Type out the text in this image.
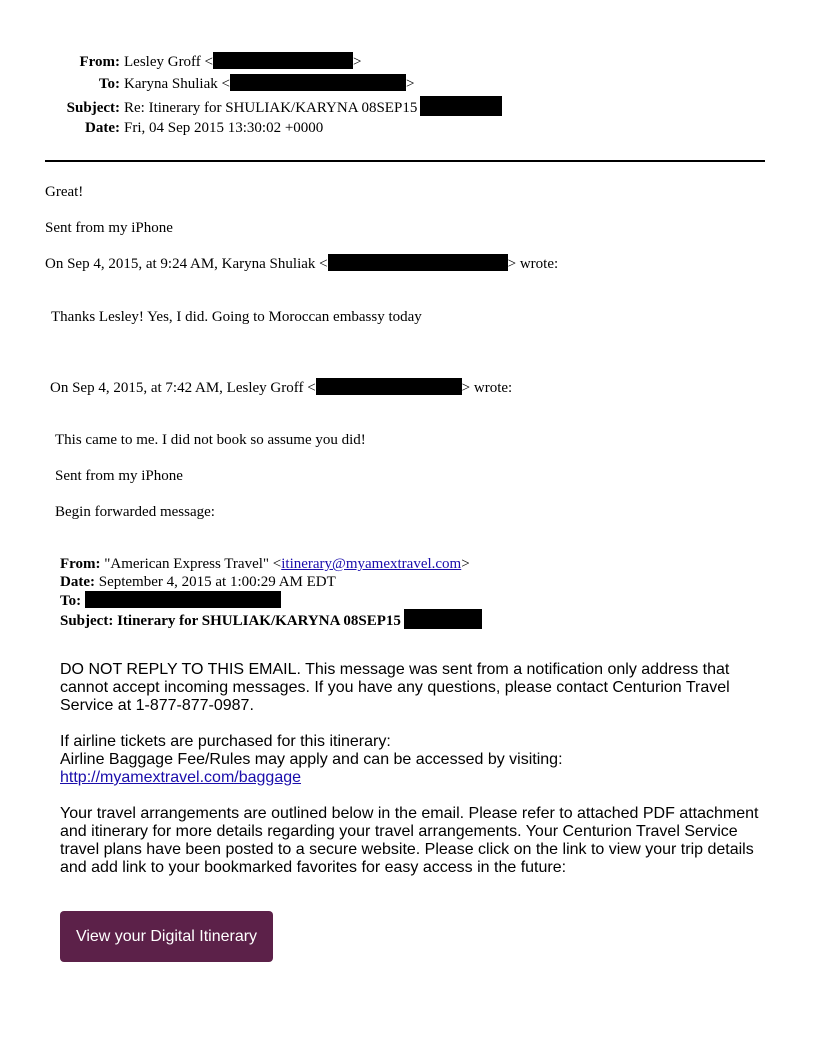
From: Lesley Groff <	>
To: Karyna Shuliak <	>
Subject: Re: Itinerary for SHULIAK/KARYNA 08SEP15
Date: Fri, 04 Sep 2015 13:30:02 +0000
Great!
Sent from my iPhone
On Sep 4, 2015, at 9:24 AM, Karyna Shuliak <	> wrote:
Thanks Lesley! Yes, I did. Going to Moroccan embassy today
On Sep 4, 2015, at 7:42 AM, Lesley Groff <	> wrote:
This came to me. I did not book so assume you did!
Sent from my iPhone
Begin forwarded message:
From: "American Express Travel" <itinerary@myamextravel.com>
Date: September 4, 2015 at 1:00:29 AM EDT
To:
Subject: Itinerary for SHULIAK/KARYNA 08SEP15
DO NOT REPLY TO THIS EMAIL. This message was sent from a notification only address that cannot accept incoming messages. If you have any questions, please contact Centurion Travel Service at 1-877-877-0987.
If airline tickets are purchased for this itinerary:
Airline Baggage Fee/Rules may apply and can be accessed by visiting:
http://myamextravel.com/baggage
Your travel arrangements are outlined below in the email. Please refer to attached PDF attachment and itinerary for more details regarding your travel arrangements. Your Centurion Travel Service travel plans have been posted to a secure website. Please click on the link to view your trip details and add link to your bookmarked favorites for easy access in the future:
View your Digital Itinerary
